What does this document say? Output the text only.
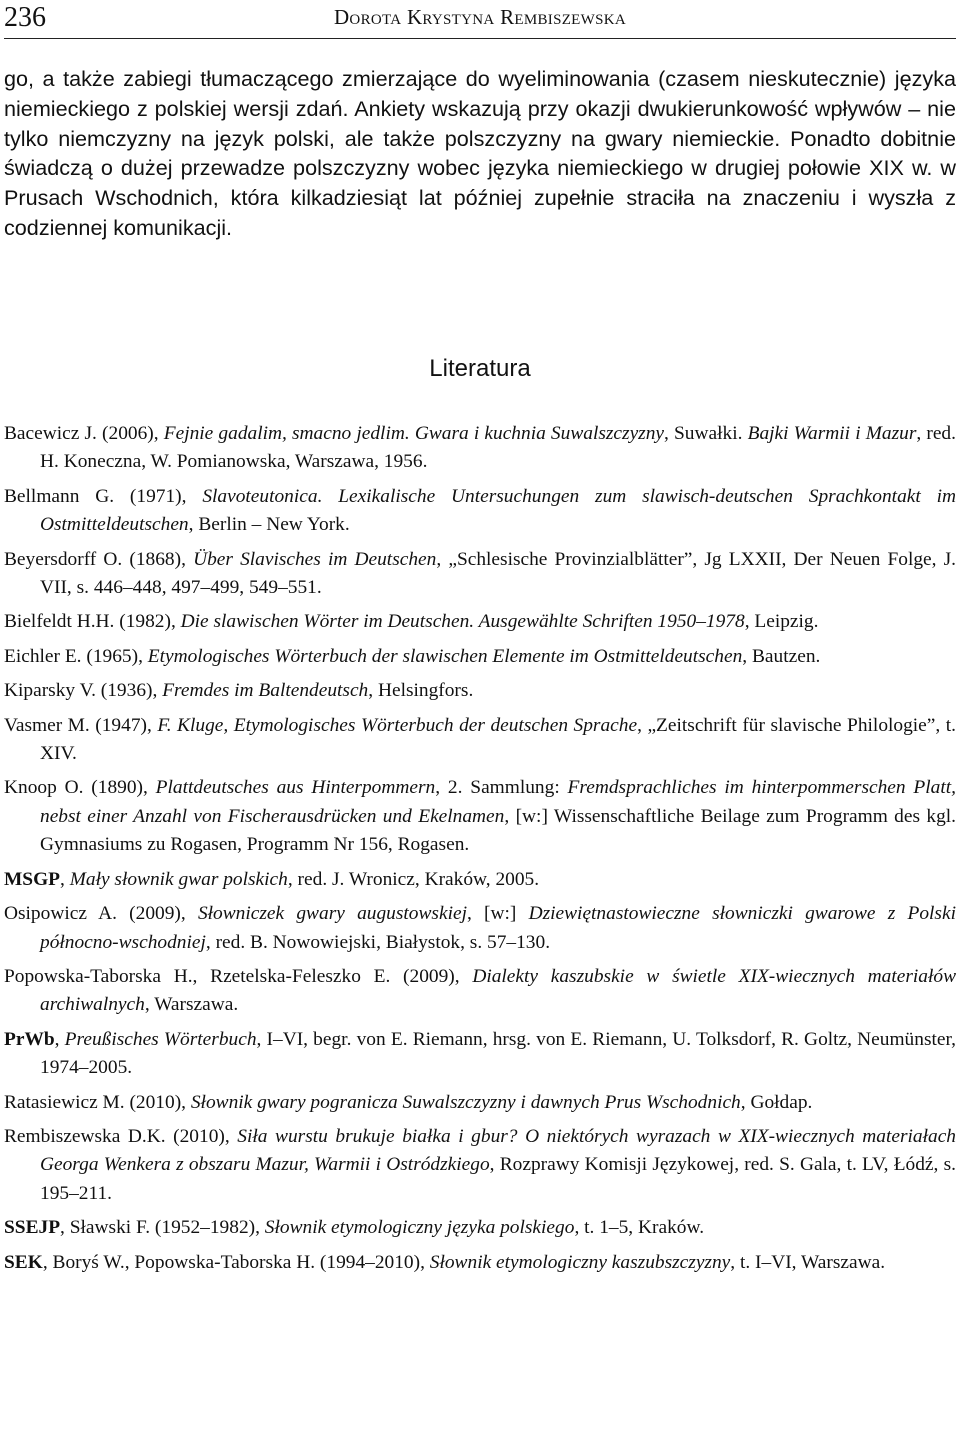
236	Dorota Krystyna Rembiszewska

go, a także zabiegi tłumaczącego zmierzające do wyeliminowania (czasem nieskutecznie) języka niemieckiego z polskiej wersji zdań. Ankiety wskazują przy okazji dwukierunkowość wpływów – nie tylko niemczyzny na język polski, ale także polszczyzny na gwary niemieckie. Ponadto dobitnie świadczą o dużej przewadze polszczyzny wobec języka niemieckiego w drugiej połowie XIX w. w Prusach Wschodnich, która kilkadziesiąt lat później zupełnie straciła na znaczeniu i wyszła z codziennej komunikacji.

Literatura

Bacewicz J. (2006), Fejnie gadalim, smacno jedlim. Gwara i kuchnia Suwalszczyzny, Suwałki. Bajki Warmii i Mazur, red. H. Koneczna, W. Pomianowska, Warszawa, 1956.

Bellmann G. (1971), Slavoteutonica. Lexikalische Untersuchungen zum slawisch-deutschen Sprachkontakt im Ostmitteldeutschen, Berlin – New York.

Beyersdorff O. (1868), Über Slavisches im Deutschen, „Schlesische Provinzialblätter”, Jg LXXII, Der Neuen Folge, J. VII, s. 446–448, 497–499, 549–551.

Bielfeldt H.H. (1982), Die slawischen Wörter im Deutschen. Ausgewählte Schriften 1950–1978, Leipzig.

Eichler E. (1965), Etymologisches Wörterbuch der slawischen Elemente im Ostmitteldeutschen, Bautzen.

Kiparsky V. (1936), Fremdes im Baltendeutsch, Helsingfors.

Vasmer M. (1947), F. Kluge, Etymologisches Wörterbuch der deutschen Sprache, „Zeitschrift für slavische Philologie”, t. XIV.

Knoop O. (1890), Plattdeutsches aus Hinterpommern, 2. Sammlung: Fremdsprachliches im hinterpommerschen Platt, nebst einer Anzahl von Fischerausdrücken und Ekelnamen, [w:] Wissenschaftliche Beilage zum Programm des kgl. Gymnasiums zu Rogasen, Programm Nr 156, Rogasen.

MSGP, Mały słownik gwar polskich, red. J. Wronicz, Kraków, 2005.

Osipowicz A. (2009), Słowniczek gwary augustowskiej, [w:] Dziewiętnastowieczne słowniczki gwarowe z Polski północno-wschodniej, red. B. Nowowiejski, Białystok, s. 57–130.

Popowska-Taborska H., Rzetelska-Feleszko E. (2009), Dialekty kaszubskie w świetle XIX-wiecznych materiałów archiwalnych, Warszawa.

PrWb, Preußisches Wörterbuch, I–VI, begr. von E. Riemann, hrsg. von E. Riemann, U. Tolksdorf, R. Goltz, Neumünster, 1974–2005.

Ratasiewicz M. (2010), Słownik gwary pogranicza Suwalszczyzny i dawnych Prus Wschodnich, Gołdap.

Rembiszewska D.K. (2010), Siła wurstu brukuje białka i gbur? O niektórych wyrazach w XIX-wiecznych materiałach Georga Wenkera z obszaru Mazur, Warmii i Ostródzkiego, Rozprawy Komisji Językowej, red. S. Gala, t. LV, Łódź, s. 195–211.

SSEJP, Sławski F. (1952–1982), Słownik etymologiczny języka polskiego, t. 1–5, Kraków.

SEK, Boryś W., Popowska-Taborska H. (1994–2010), Słownik etymologiczny kaszubszczyzny, t. I–VI, Warszawa.
